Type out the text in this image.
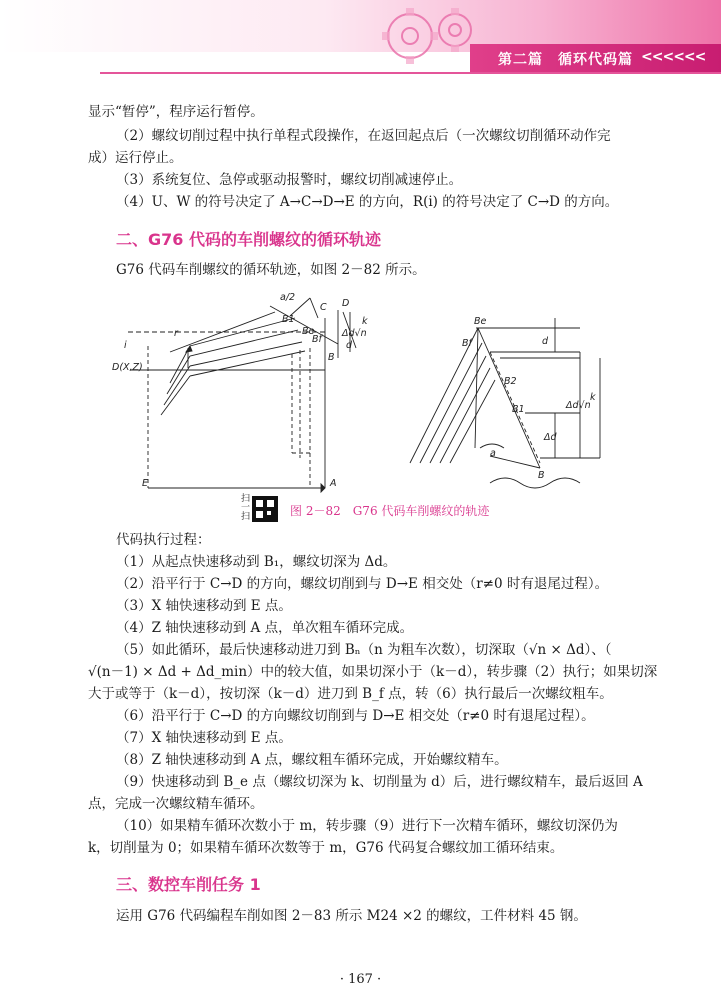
第二篇　循环代码篇 <<<<<<
显示“暂停”，程序运行暂停。
（2）螺纹切削过程中执行单程式段操作，在返回起点后（一次螺纹切削循环动作完
成）运行停止。
（3）系统复位、急停或驱动报警时，螺纹切削减速停止。
（4）U、W 的符号决定了 A→C→D→E 的方向，R(i) 的符号决定了 C→D 的方向。
二、G76 代码的车削螺纹的循环轨迹
G76 代码车削螺纹的循环轨迹，如图 2－82 所示。
a/2
C D
k
Δd√n
d
B1
Be
Bf
B
r
i
D(X,Z)
E	A
Be
Bf
B2
B1
B
a
d
k
Δd√n
Δd
扫一扫	图 2－82　G76 代码车削螺纹的轨迹
代码执行过程：
（1）从起点快速移动到 B₁，螺纹切深为 Δd。
（2）沿平行于 C→D 的方向，螺纹切削到与 D→E 相交处（r≠0 时有退尾过程）。
（3）X 轴快速移动到 E 点。
（4）Z 轴快速移动到 A 点，单次粗车循环完成。
（5）如此循环，最后快速移动进刀到 Bₙ（n 为粗车次数），切深取（√n × Δd）、（
√(n－1) × Δd + Δd_min）中的较大值，如果切深小于（k－d），转步骤（2）执行；如果切深
大于或等于（k－d），按切深（k－d）进刀到 B_f 点，转（6）执行最后一次螺纹粗车。
（6）沿平行于 C→D 的方向螺纹切削到与 D→E 相交处（r≠0 时有退尾过程）。
（7）X 轴快速移动到 E 点。
（8）Z 轴快速移动到 A 点，螺纹粗车循环完成，开始螺纹精车。
（9）快速移动到 B_e 点（螺纹切深为 k、切削量为 d）后，进行螺纹精车，最后返回 A
点，完成一次螺纹精车循环。
（10）如果精车循环次数小于 m，转步骤（9）进行下一次精车循环，螺纹切深仍为
k，切削量为 0；如果精车循环次数等于 m，G76 代码复合螺纹加工循环结束。
三、数控车削任务 1
运用 G76 代码编程车削如图 2－83 所示 M24 ×2 的螺纹，工件材料 45 钢。
· 167 ·
